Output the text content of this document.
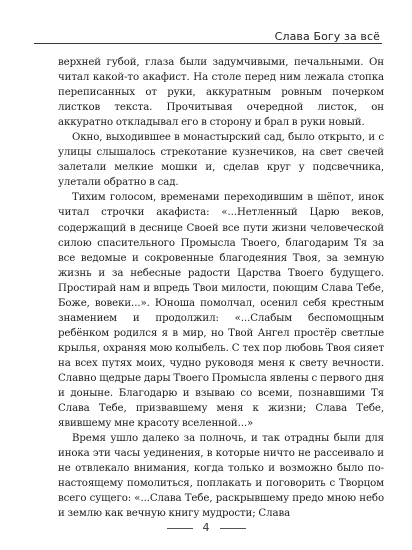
Слава Богу за всё

верхней губой, глаза были задумчивыми, печальными. Он читал какой-то акафист. На столе перед ним лежала стопка переписанных от руки, аккуратным ровным почерком листков текста. Прочитывая очередной листок, он аккуратно откладывал его в сторону и брал в руки новый.

Окно, выходившее в монастырский сад, было открыто, и с улицы слышалось стрекотание кузнечиков, на свет свечей залетали мелкие мошки и, сделав круг у подсвечника, улетали обратно в сад.

Тихим голосом, временами переходившим в шёпот, инок читал строчки акафиста: «...Нетленный Царю веков, содержащий в деснице Своей все пути жизни человеческой силою спасительного Промысла Твоего, благодарим Тя за все ведомые и сокровенные благодеяния Твоя, за земную жизнь и за небесные радости Царства Твоего будущего. Простирай нам и впредь Твои милости, поющим Слава Тебе, Боже, вовеки...». Юноша помолчал, осенил себя крестным знамением и продолжил: «...Слабым беспомощным ребёнком родился я в мир, но Твой Ангел простёр светлые крылья, охраняя мою колыбель. С тех пор любовь Твоя сияет на всех путях моих, чудно руководя меня к свету вечности. Славно щедрые дары Твоего Промысла явлены с первого дня и доныне. Благодарю и взываю со всеми, познавшими Тя Слава Тебе, призвавшему меня к жизни; Слава Тебе, явившему мне красоту вселенной...»

Время ушло далеко за полночь, и так отрадны были для инока эти часы уединения, в которые ничто не рассеивало и не отвлекало внимания, когда только и возможно было по-настоящему помолиться, поплакать и поговорить с Творцом всего сущего: «...Слава Тебе, раскрывшему предо мною небо и землю как вечную книгу мудрости; Слава

4
